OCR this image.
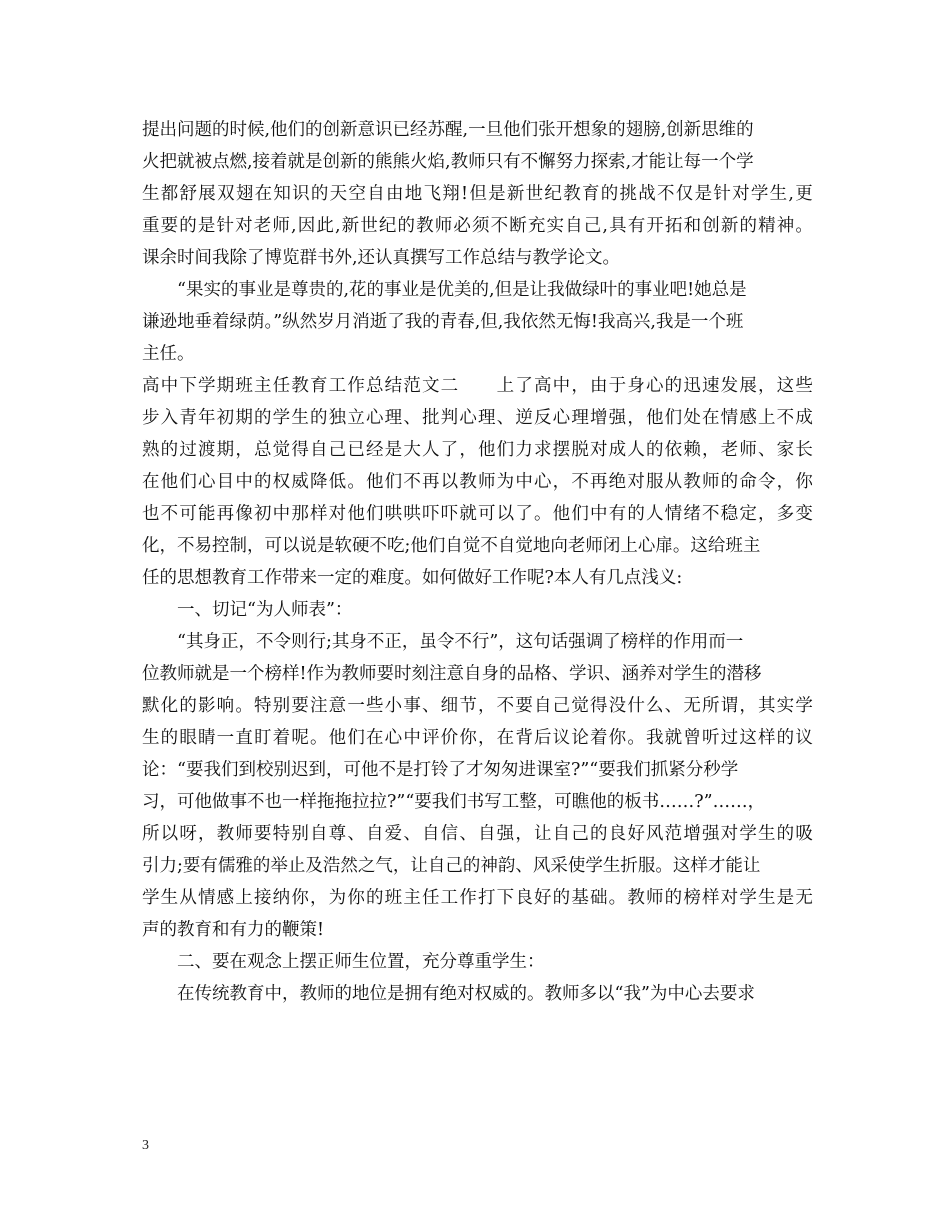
提出问题的时候,他们的创新意识已经苏醒,一旦他们张开想象的翅膀,创新思维的
火把就被点燃,接着就是创新的熊熊火焰,教师只有不懈努力探索,才能让每一个学
生都舒展双翅在知识的天空自由地飞翔!但是新世纪教育的挑战不仅是针对学生,更
重要的是针对老师,因此,新世纪的教师必须不断充实自己,具有开拓和创新的精神。
课余时间我除了博览群书外,还认真撰写工作总结与教学论文。
“果实的事业是尊贵的,花的事业是优美的,但是让我做绿叶的事业吧!她总是
谦逊地垂着绿荫。”纵然岁月消逝了我的青春,但,我依然无悔!我高兴,我是一个班
主任。
高中下学期班主任教育工作总结范文二　　上了高中，由于身心的迅速发展，这些
步入青年初期的学生的独立心理、批判心理、逆反心理增强，他们处在情感上不成
熟的过渡期，总觉得自己已经是大人了，他们力求摆脱对成人的依赖，老师、家长
在他们心目中的权威降低。他们不再以教师为中心，不再绝对服从教师的命令，你
也不可能再像初中那样对他们哄哄吓吓就可以了。他们中有的人情绪不稳定，多变
化，不易控制，可以说是软硬不吃;他们自觉不自觉地向老师闭上心扉。这给班主
任的思想教育工作带来一定的难度。如何做好工作呢?本人有几点浅义:
一、切记“为人师表”：
“其身正，不令则行;其身不正，虽令不行”，这句话强调了榜样的作用而一
位教师就是一个榜样!作为教师要时刻注意自身的品格、学识、涵养对学生的潜移
默化的影响。特别要注意一些小事、细节，不要自己觉得没什么、无所谓，其实学
生的眼睛一直盯着呢。他们在心中评价你，在背后议论着你。我就曾听过这样的议
论：“要我们到校别迟到，可他不是打铃了才匆匆进课室?”“要我们抓紧分秒学
习，可他做事不也一样拖拖拉拉?”“要我们书写工整，可瞧他的板书……?”……，
所以呀，教师要特别自尊、自爱、自信、自强，让自己的良好风范增强对学生的吸
引力;要有儒雅的举止及浩然之气，让自己的神韵、风采使学生折服。这样才能让
学生从情感上接纳你，为你的班主任工作打下良好的基础。教师的榜样对学生是无
声的教育和有力的鞭策!
二、要在观念上摆正师生位置，充分尊重学生：
在传统教育中，教师的地位是拥有绝对权威的。教师多以“我”为中心去要求
3
